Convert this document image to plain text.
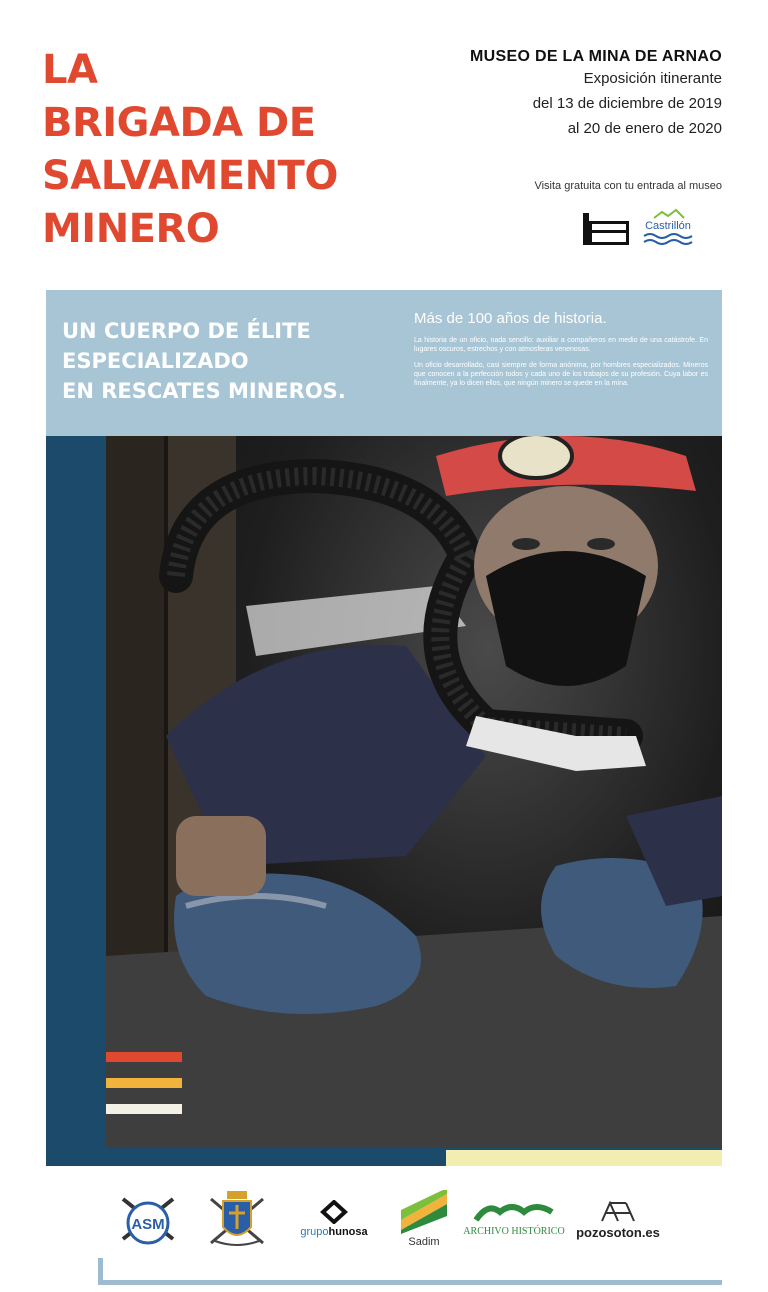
LA
BRIGADA DE
SALVAMENTO
MINERO
MUSEO DE LA MINA DE ARNAO
Exposición itinerante
del 13 de diciembre de 2019
al 20 de enero de 2020
Visita gratuita con tu entrada al museo
Castrillón
UN CUERPO DE ÉLITE
ESPECIALIZADO
EN RESCATES MINEROS.
Más de 100 años de historia.

La historia de un oficio, nada sencillo: auxiliar a compañeros en medio de una catástrofe. En lugares oscuros, estrechos y con atmosferas venenosas.

Un oficio desarrollado, casi siempre de forma anónima, por hombres especializados. Mineros que conocen a la perfección todos y cada uno de los trabajos de su profesión. Cuya labor es finalmente, ya lo dicen ellos, que ningún minero se quede en la mina.

ASM	grupohunosa
Sadim
ARCHIVO HISTÓRICO pozosoton.es
